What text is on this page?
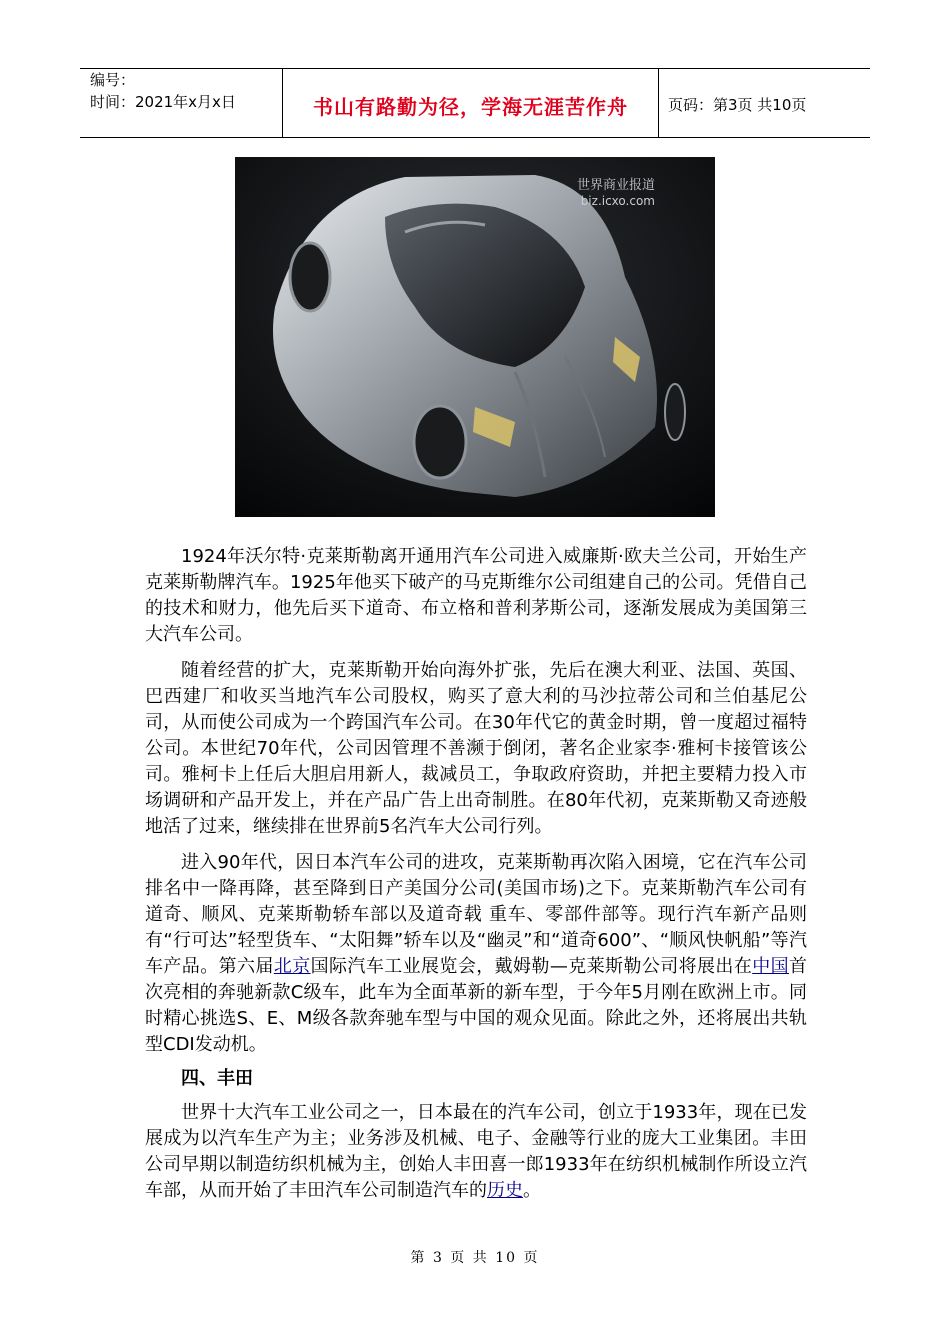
编号：
时间：2021年x月x日	书山有路勤为径，学海无涯苦作舟	页码：第3页 共10页
世界商业报道
biz.icxo.com

1924年沃尔特·克莱斯勒离开通用汽车公司进入威廉斯·欧夫兰公司，开始生产克莱斯勒牌汽车。1925年他买下破产的马克斯维尔公司组建自己的公司。凭借自己的技术和财力，他先后买下道奇、布立格和普利茅斯公司，逐渐发展成为美国第三大汽车公司。

随着经营的扩大，克莱斯勒开始向海外扩张，先后在澳大利亚、法国、英国、巴西建厂和收买当地汽车公司股权，购买了意大利的马沙拉蒂公司和兰伯基尼公司，从而使公司成为一个跨国汽车公司。在30年代它的黄金时期，曾一度超过福特公司。本世纪70年代，公司因管理不善濒于倒闭，著名企业家李·雅柯卡接管该公司。雅柯卡上任后大胆启用新人，裁减员工，争取政府资助，并把主要精力投入市场调研和产品开发上，并在产品广告上出奇制胜。在80年代初，克莱斯勒又奇迹般地活了过来，继续排在世界前5名汽车大公司行列。

进入90年代，因日本汽车公司的进攻，克莱斯勒再次陷入困境，它在汽车公司排名中一降再降，甚至降到日产美国分公司(美国市场)之下。克莱斯勒汽车公司有道奇、顺风、克莱斯勒轿车部以及道奇载 重车、零部件部等。现行汽车新产品则有“行可达”轻型货车、“太阳舞”轿车以及“幽灵”和“道奇600”、“顺风快帆船”等汽车产品。第六届北京国际汽车工业展览会，戴姆勒—克莱斯勒公司将展出在中国首次亮相的奔驰新款C级车，此车为全面革新的新车型，于今年5月刚在欧洲上市。同时精心挑选S、E、M级各款奔驰车型与中国的观众见面。除此之外，还将展出共轨型CDI发动机。

四、丰田

世界十大汽车工业公司之一，日本最在的汽车公司，创立于1933年，现在已发展成为以汽车生产为主；业务涉及机械、电子、金融等行业的庞大工业集团。丰田公司早期以制造纺织机械为主，创始人丰田喜一郎1933年在纺织机械制作所设立汽车部，从而开始了丰田汽车公司制造汽车的历史。

第 3 页 共 10 页
